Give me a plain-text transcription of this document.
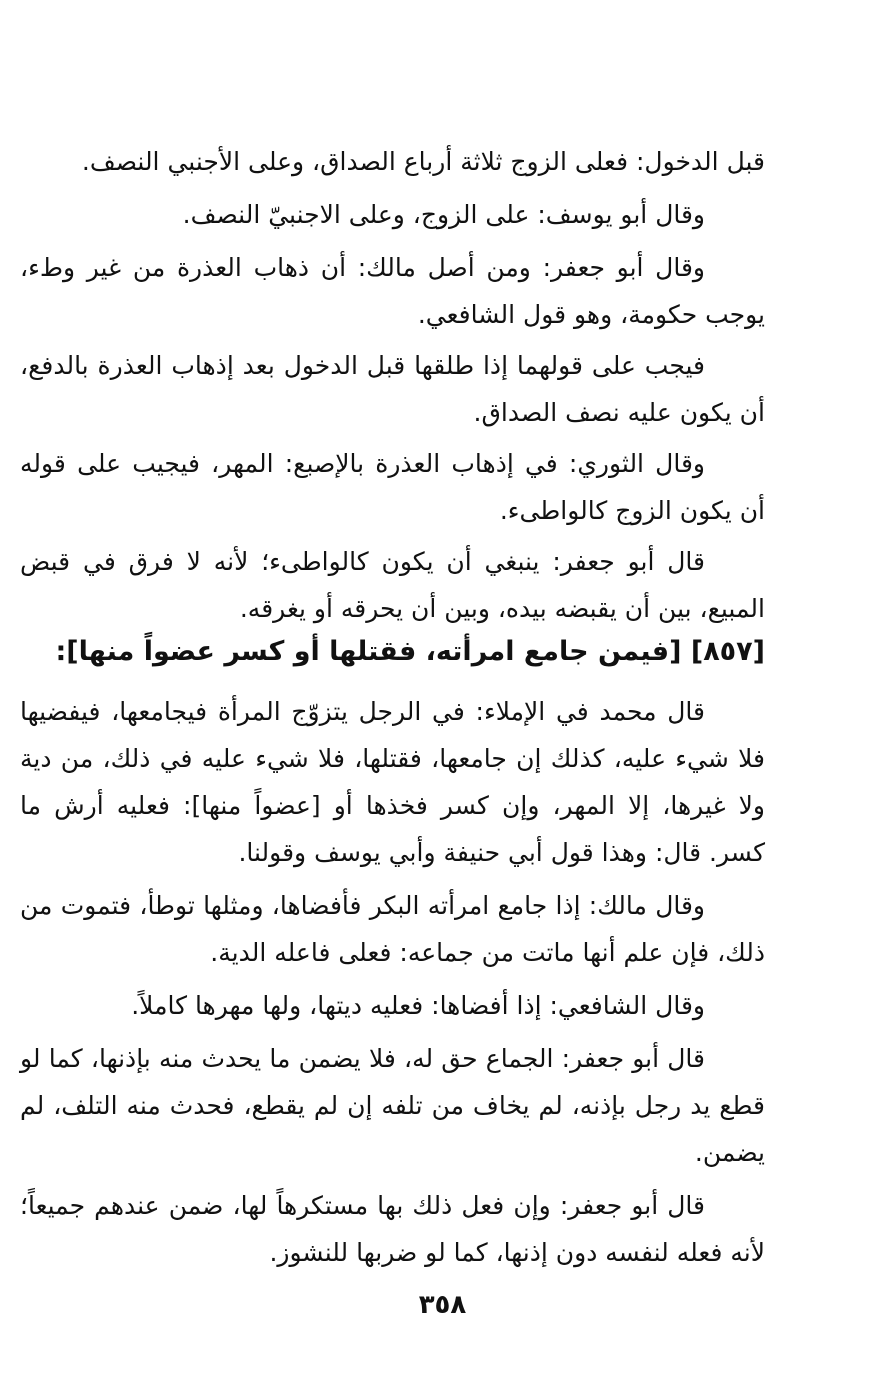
قبل الدخول: فعلى الزوج ثلاثة أرباع الصداق، وعلى الأجنبي النصف.

وقال أبو يوسف: على الزوج، وعلى الاجنبيّ النصف.

وقال أبو جعفر: ومن أصل مالك: أن ذهاب العذرة من غير وطء، يوجب حكومة، وهو قول الشافعي.

فيجب على قولهما إذا طلقها قبل الدخول بعد إذهاب العذرة بالدفع، أن يكون عليه نصف الصداق.

وقال الثوري: في إذهاب العذرة بالإصبع: المهر، فيجيب على قوله أن يكون الزوج كالواطىء.

قال أبو جعفر: ينبغي أن يكون كالواطىء؛ لأنه لا فرق في قبض المبيع، بين أن يقبضه بيده، وبين أن يحرقه أو يغرقه.

[٨٥٧] [فيمن جامع امرأته، فقتلها أو كسر عضواً منها]:

قال محمد في الإملاء: في الرجل يتزوّج المرأة فيجامعها، فيفضيها فلا شيء عليه، كذلك إن جامعها، فقتلها، فلا شيء عليه في ذلك، من دية ولا غيرها، إلا المهر، وإن كسر فخذها أو [عضواً منها]: فعليه أرش ما كسر. قال: وهذا قول أبي حنيفة وأبي يوسف وقولنا.

وقال مالك: إذا جامع امرأته البكر فأفضاها، ومثلها توطأ، فتموت من ذلك، فإن علم أنها ماتت من جماعه: فعلى فاعله الدية.

وقال الشافعي: إذا أفضاها: فعليه ديتها، ولها مهرها كاملاً.

قال أبو جعفر: الجماع حق له، فلا يضمن ما يحدث منه بإذنها، كما لو قطع يد رجل بإذنه، لم يخاف من تلفه إن لم يقطع، فحدث منه التلف، لم يضمن.

قال أبو جعفر: وإن فعل ذلك بها مستكرهاً لها، ضمن عندهم جميعاً؛ لأنه فعله لنفسه دون إذنها، كما لو ضربها للنشوز.

٣٥٨
